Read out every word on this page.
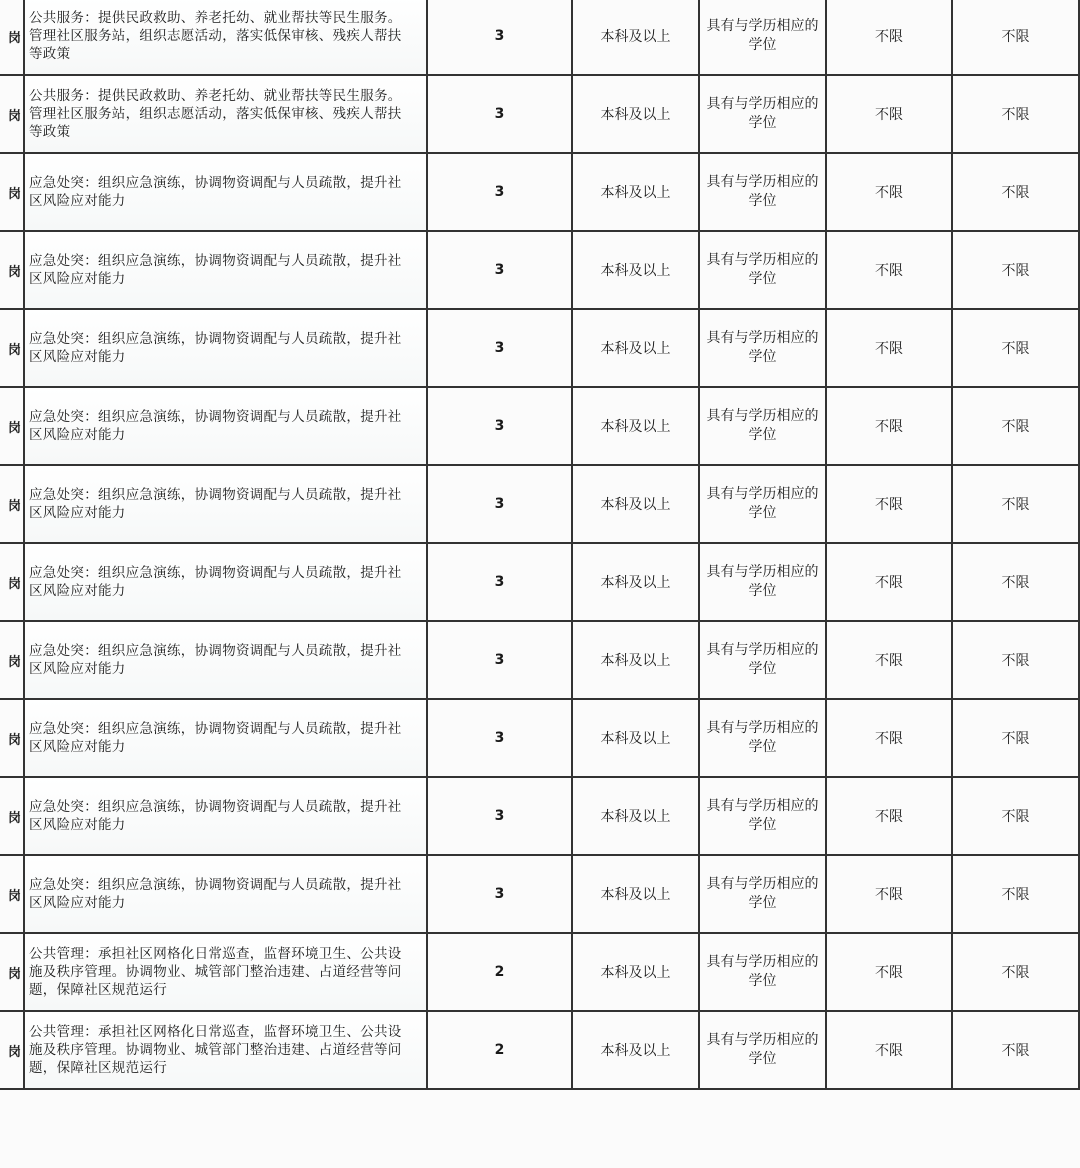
岗	公共服务：提供民政救助、养老托幼、就业帮扶等民生服务。管理社区服务站，组织志愿活动，落实低保审核、残疾人帮扶等政策	3	本科及以上	具有与学历相应的学位	不限	不限
岗	公共服务：提供民政救助、养老托幼、就业帮扶等民生服务。管理社区服务站，组织志愿活动，落实低保审核、残疾人帮扶等政策	3	本科及以上	具有与学历相应的学位	不限	不限
岗	应急处突：组织应急演练，协调物资调配与人员疏散，提升社区风险应对能力	3	本科及以上	具有与学历相应的学位	不限	不限
岗	应急处突：组织应急演练，协调物资调配与人员疏散，提升社区风险应对能力	3	本科及以上	具有与学历相应的学位	不限	不限
岗	应急处突：组织应急演练，协调物资调配与人员疏散，提升社区风险应对能力	3	本科及以上	具有与学历相应的学位	不限	不限
岗	应急处突：组织应急演练，协调物资调配与人员疏散，提升社区风险应对能力	3	本科及以上	具有与学历相应的学位	不限	不限
岗	应急处突：组织应急演练，协调物资调配与人员疏散，提升社区风险应对能力	3	本科及以上	具有与学历相应的学位	不限	不限
岗	应急处突：组织应急演练，协调物资调配与人员疏散，提升社区风险应对能力	3	本科及以上	具有与学历相应的学位	不限	不限
岗	应急处突：组织应急演练，协调物资调配与人员疏散，提升社区风险应对能力	3	本科及以上	具有与学历相应的学位	不限	不限
岗	应急处突：组织应急演练，协调物资调配与人员疏散，提升社区风险应对能力	3	本科及以上	具有与学历相应的学位	不限	不限
岗	应急处突：组织应急演练，协调物资调配与人员疏散，提升社区风险应对能力	3	本科及以上	具有与学历相应的学位	不限	不限
岗	应急处突：组织应急演练，协调物资调配与人员疏散，提升社区风险应对能力	3	本科及以上	具有与学历相应的学位	不限	不限
岗	公共管理：承担社区网格化日常巡查，监督环境卫生、公共设施及秩序管理。协调物业、城管部门整治违建、占道经营等问题，保障社区规范运行	2	本科及以上	具有与学历相应的学位	不限	不限
岗	公共管理：承担社区网格化日常巡查，监督环境卫生、公共设施及秩序管理。协调物业、城管部门整治违建、占道经营等问题，保障社区规范运行	2	本科及以上	具有与学历相应的学位	不限	不限
